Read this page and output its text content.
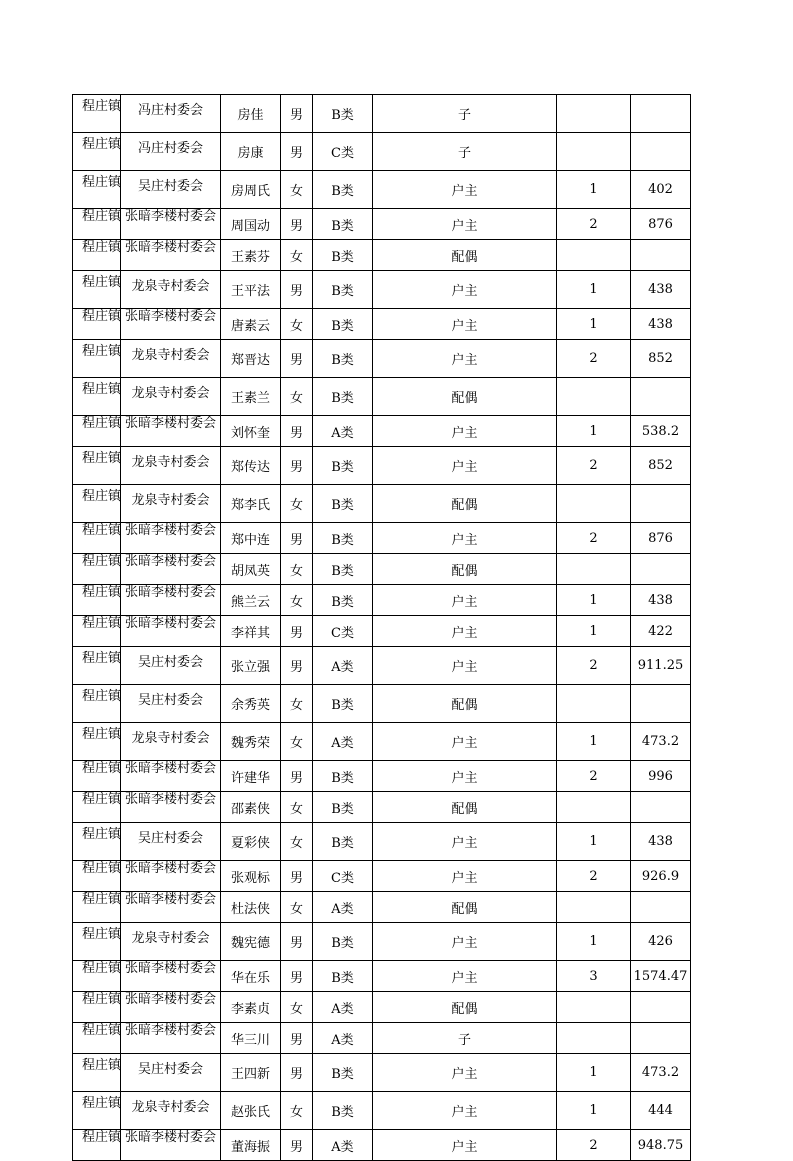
程庄镇	冯庄村委会	房佳	男	B类	子		

程庄镇	冯庄村委会	房康	男	C类	子		

程庄镇	吴庄村委会	房周氏	女	B类	户主	1	402

程庄镇	张暗李楼村委会	周国动	男	B类	户主	2	876

程庄镇	张暗李楼村委会	王素芬	女	B类	配偶		

程庄镇	龙泉寺村委会	王平法	男	B类	户主	1	438

程庄镇	张暗李楼村委会	唐素云	女	B类	户主	1	438

程庄镇	龙泉寺村委会	郑晋达	男	B类	户主	2	852

程庄镇	龙泉寺村委会	王素兰	女	B类	配偶		

程庄镇	张暗李楼村委会	刘怀奎	男	A类	户主	1	538.2

程庄镇	龙泉寺村委会	郑传达	男	B类	户主	2	852

程庄镇	龙泉寺村委会	郑李氏	女	B类	配偶		

程庄镇	张暗李楼村委会	郑中连	男	B类	户主	2	876

程庄镇	张暗李楼村委会	胡凤英	女	B类	配偶		

程庄镇	张暗李楼村委会	熊兰云	女	B类	户主	1	438

程庄镇	张暗李楼村委会	李祥其	男	C类	户主	1	422

程庄镇	吴庄村委会	张立强	男	A类	户主	2	911.25

程庄镇	吴庄村委会	余秀英	女	B类	配偶		

程庄镇	龙泉寺村委会	魏秀荣	女	A类	户主	1	473.2

程庄镇	张暗李楼村委会	许建华	男	B类	户主	2	996

程庄镇	张暗李楼村委会	邵素侠	女	B类	配偶		

程庄镇	吴庄村委会	夏彩侠	女	B类	户主	1	438

程庄镇	张暗李楼村委会	张观标	男	C类	户主	2	926.9

程庄镇	张暗李楼村委会	杜法侠	女	A类	配偶		

程庄镇	龙泉寺村委会	魏宪德	男	B类	户主	1	426

程庄镇	张暗李楼村委会	华在乐	男	B类	户主	3	1574.47

程庄镇	张暗李楼村委会	李素贞	女	A类	配偶		

程庄镇	张暗李楼村委会	华三川	男	A类	子		

程庄镇	吴庄村委会	王四新	男	B类	户主	1	473.2

程庄镇	龙泉寺村委会	赵张氏	女	B类	户主	1	444

程庄镇	张暗李楼村委会	董海振	男	A类	户主	2	948.75
